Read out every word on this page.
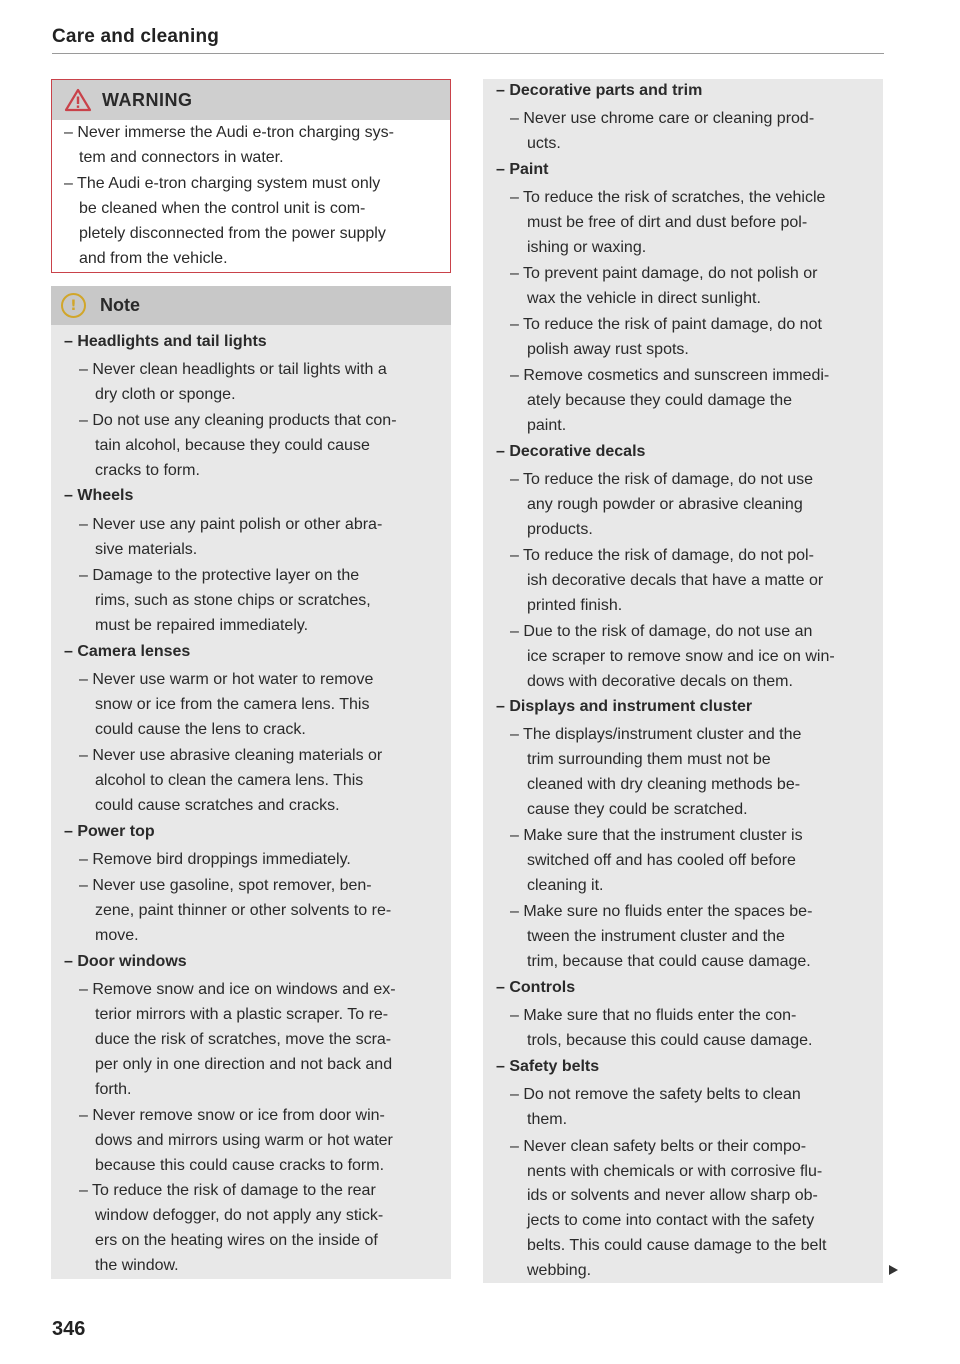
Care and cleaning
WARNING
!	Note
– Never immerse the Audi e-tron charging sys-
tem and connectors in water.
– The Audi e-tron charging system must only
be cleaned when the control unit is com-
pletely disconnected from the power supply
and from the vehicle.
– Headlights and tail lights
– Never clean headlights or tail lights with a
dry cloth or sponge.
– Do not use any cleaning products that con-
tain alcohol, because they could cause
cracks to form.
– Wheels
– Never use any paint polish or other abra-
sive materials.
– Damage to the protective layer on the
rims, such as stone chips or scratches,
must be repaired immediately.
– Camera lenses
– Never use warm or hot water to remove
snow or ice from the camera lens. This
could cause the lens to crack.
– Never use abrasive cleaning materials or
alcohol to clean the camera lens. This
could cause scratches and cracks.
– Power top
– Remove bird droppings immediately.
– Never use gasoline, spot remover, ben-
zene, paint thinner or other solvents to re-
move.
– Door windows
– Remove snow and ice on windows and ex-
terior mirrors with a plastic scraper. To re-
duce the risk of scratches, move the scra-
per only in one direction and not back and
forth.
– Never remove snow or ice from door win-
dows and mirrors using warm or hot water
because this could cause cracks to form.
– To reduce the risk of damage to the rear
window defogger, do not apply any stick-
ers on the heating wires on the inside of
the window.
– Decorative parts and trim
– Never use chrome care or cleaning prod-
ucts.
– Paint
– To reduce the risk of scratches, the vehicle
must be free of dirt and dust before pol-
ishing or waxing.
– To prevent paint damage, do not polish or
wax the vehicle in direct sunlight.
– To reduce the risk of paint damage, do not
polish away rust spots.
– Remove cosmetics and sunscreen immedi-
ately because they could damage the
paint.
– Decorative decals
– To reduce the risk of damage, do not use
any rough powder or abrasive cleaning
products.
– To reduce the risk of damage, do not pol-
ish decorative decals that have a matte or
printed finish.
– Due to the risk of damage, do not use an
ice scraper to remove snow and ice on win-
dows with decorative decals on them.
– Displays and instrument cluster
– The displays/instrument cluster and the
trim surrounding them must not be
cleaned with dry cleaning methods be-
cause they could be scratched.
– Make sure that the instrument cluster is
switched off and has cooled off before
cleaning it.
– Make sure no fluids enter the spaces be-
tween the instrument cluster and the
trim, because that could cause damage.
– Controls
– Make sure that no fluids enter the con-
trols, because this could cause damage.
– Safety belts
– Do not remove the safety belts to clean
them.
– Never clean safety belts or their compo-
nents with chemicals or with corrosive flu-
ids or solvents and never allow sharp ob-
jects to come into contact with the safety
belts. This could cause damage to the belt
webbing.
346
